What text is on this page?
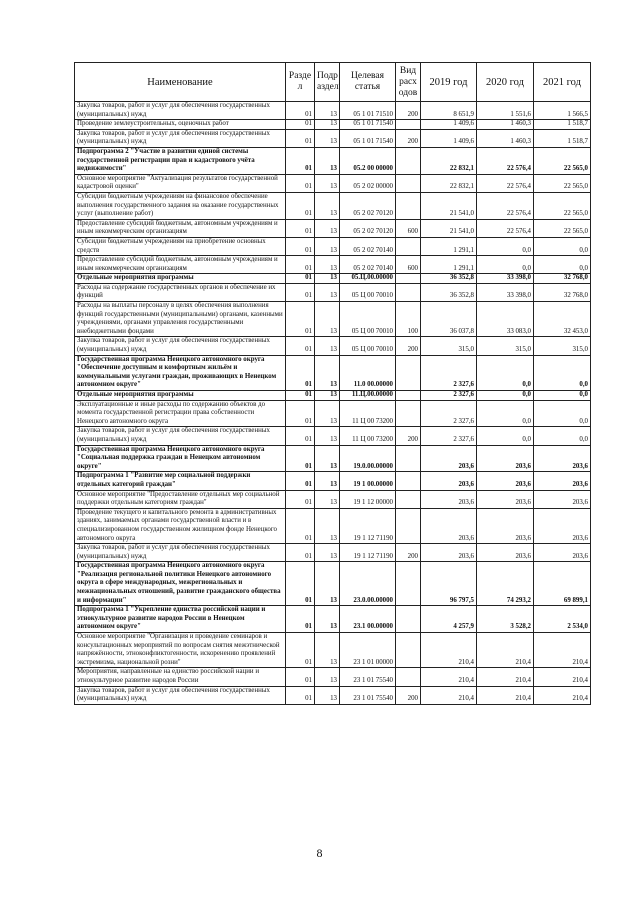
Наименование	Разде л	Подр аздел	Целевая статья	Вид расх одов	2019 год	2020 год	2021 год
Закупка товаров, работ и услуг для обеспечения государственных (муниципальных) нужд	01	13	05 1 01 71510	200	8 651,9	1 551,6	1 566,5
Проведение землеустроительных, оценочных работ	01	13	05 1 01 71540		1 409,6	1 460,3	1 518,7
Закупка товаров, работ и услуг для обеспечения государственных (муниципальных) нужд	01	13	05 1 01 71540	200	1 409,6	1 460,3	1 518,7
Подпрограмма 2 "Участие в развитии единой системы государственной регистрации прав и кадастрового учёта недвижимости"	01	13	05.2 00 00000		22 832,1	22 576,4	22 565,0
Основное мероприятие "Актуализация результатов государственной кадастровой оценки"	01	13	05 2 02 00000		22 832,1	22 576,4	22 565,0
Субсидии бюджетным учреждениям на финансовое обеспечение выполнения государственного задания на оказание государственных услуг (выполнение работ)	01	13	05 2 02 70120		21 541,0	22 576,4	22 565,0
Предоставление субсидий бюджетным, автономным учреждениям и иным некоммерческим организациям	01	13	05 2 02 70120	600	21 541,0	22 576,4	22 565,0
Субсидии бюджетным учреждениям на приобретение основных средств	01	13	05 2 02 70140		1 291,1	0,0	0,0
Предоставление субсидий бюджетным, автономным учреждениям и иным некоммерческим организациям	01	13	05 2 02 70140	600	1 291,1	0,0	0,0
Отдельные мероприятия программы	01	13	05.Ц.00.00000		36 352,8	33 398,0	32 768,0
Расходы на содержание государственных органов и обеспечение их функций	01	13	05 Ц 00 70010		36 352,8	33 398,0	32 768,0
Расходы на выплаты персоналу в целях обеспечения выполнения функций государственными (муниципальными) органами, казенными учреждениями, органами управления государственными внебюджетными фондами	01	13	05 Ц 00 70010	100	36 037,8	33 083,0	32 453,0
Закупка товаров, работ и услуг для обеспечения государственных (муниципальных) нужд	01	13	05 Ц 00 70010	200	315,0	315,0	315,0
Государственная программа Ненецкого автономного округа "Обеспечение доступным и комфортным жильём и коммунальными услугами граждан, проживающих в Ненецком автономном округе"	01	13	11.0 00.00000		2 327,6	0,0	0,0
Отдельные мероприятия программы	01	13	11.Ц.00.00000		2 327,6	0,0	0,0
Эксплуатационные и иные расходы по содержанию объектов до момента государственной регистрации права собственности Ненецкого автономного округа	01	13	11 Ц 00 73200		2 327,6	0,0	0,0
Закупка товаров, работ и услуг для обеспечения государственных (муниципальных) нужд	01	13	11 Ц 00 73200	200	2 327,6	0,0	0,0
Государственная программа Ненецкого автономного округа "Социальная поддержка граждан в Ненецком автономном округе"	01	13	19.0.00.00000		203,6	203,6	203,6
Подпрограмма 1 "Развитие мер социальной поддержки отдельных категорий граждан"	01	13	19 1 00.00000		203,6	203,6	203,6
Основное мероприятие "Предоставление отдельных мер социальной поддержки отдельным категориям граждан"	01	13	19 1 12 00000		203,6	203,6	203,6
Проведение текущего и капитального ремонта в административных зданиях, занимаемых органами государственной власти и в специализированном государственном жилищном фонде Ненецкого автономного округа	01	13	19 1 12 71190		203,6	203,6	203,6
Закупка товаров, работ и услуг для обеспечения государственных (муниципальных) нужд	01	13	19 1 12 71190	200	203,6	203,6	203,6
Государственная программа Ненецкого автономного округа "Реализация региональной политики Ненецкого автономного округа в сфере международных, межрегиональных и межнациональных отношений, развитие гражданского общества и информации"	01	13	23.0.00.00000		96 797,5	74 293,2	69 899,1
Подпрограмма 1 "Укрепление единства российской нации и этнокультурное развитие народов России в Ненецком автономном округе"	01	13	23.1 00.00000		4 257,9	3 528,2	2 534,0
Основное мероприятие "Организация и проведение семинаров и консультационных мероприятий по вопросам снятия межэтнической напряжённости, этноконфликтогенности, искоренению проявлений экстремизма, национальной розни"	01	13	23 1 01 00000		210,4	210,4	210,4
Мероприятия, направленные на единство российской нации и этнокультурное развитие народов России	01	13	23 1 01 75540		210,4	210,4	210,4
Закупка товаров, работ и услуг для обеспечения государственных (муниципальных) нужд	01	13	23 1 01 75540	200	210,4	210,4	210,4
8
